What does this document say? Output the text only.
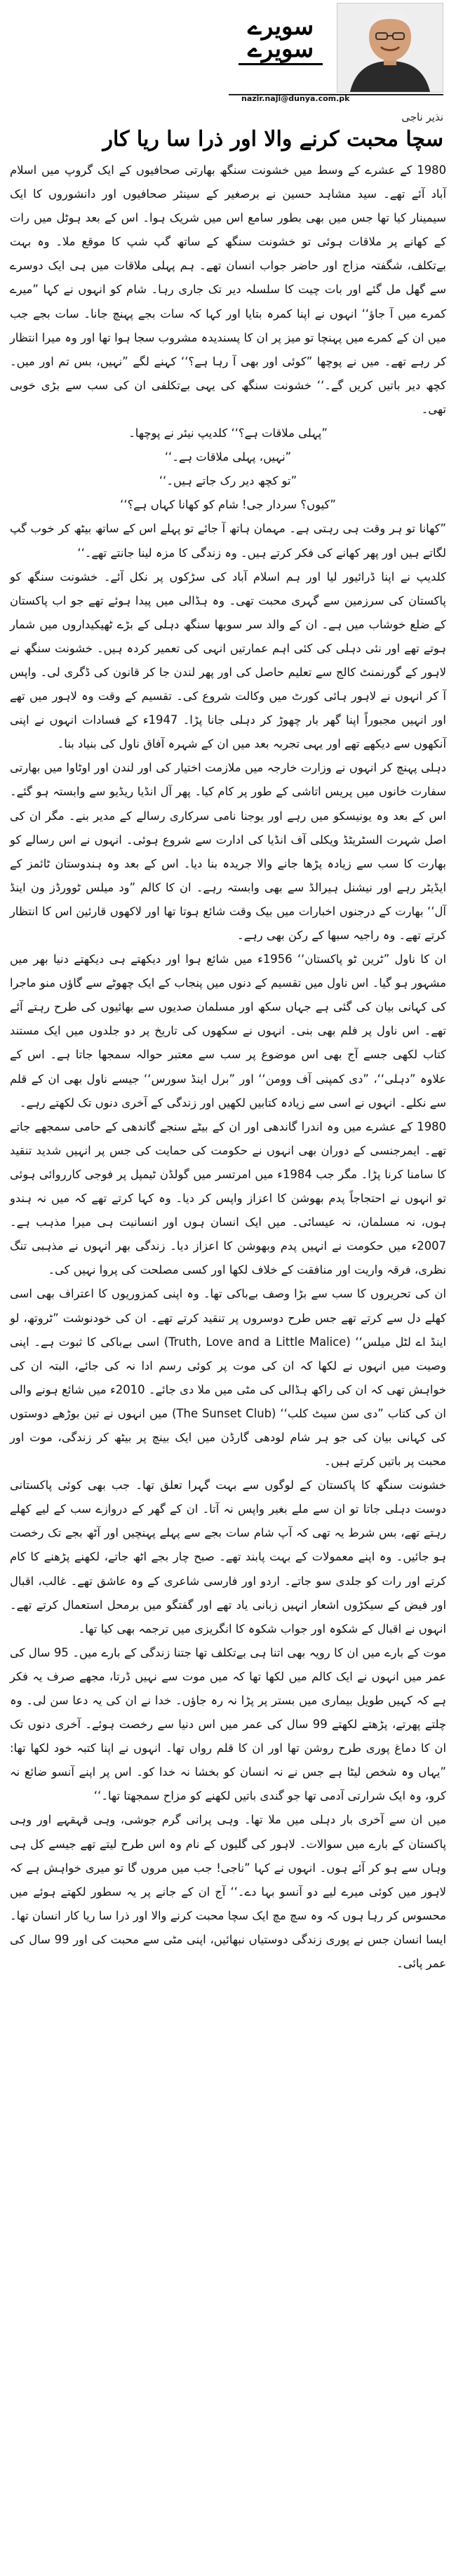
سویرے
سویرے
nazir.naji@dunya.com.pk
نذیر ناجی
سچا محبت کرنے والا اور ذرا سا ریا کار

1980 کے عشرے کے وسط میں خشونت سنگھ بھارتی صحافیوں کے ایک گروپ میں اسلام آباد آئے تھے۔ سید مشاہد حسین نے برصغیر کے سینئر صحافیوں اور دانشوروں کا ایک سیمینار کیا تھا جس میں بھی بطور سامع اس میں شریک ہوا۔ اس کے بعد ہوٹل میں رات کے کھانے پر ملاقات ہوئی تو خشونت سنگھ کے ساتھ گپ شپ کا موقع ملا۔ وہ بہت بےتکلف، شگفتہ مزاج اور حاضر جواب انسان تھے۔ ہم پہلی ملاقات میں ہی ایک دوسرے سے گھل مل گئے اور بات چیت کا سلسلہ دیر تک جاری رہا۔ شام کو انہوں نے کہا ”میرے کمرے میں آ جاؤ‘‘ انہوں نے اپنا کمرہ بتایا اور کہا کہ سات بجے پہنچ جانا۔ سات بجے جب میں ان کے کمرے میں پہنچا تو میز پر ان کا پسندیدہ مشروب سجا ہوا تھا اور وہ میرا انتظار کر رہے تھے۔ میں نے پوچھا ”کوئی اور بھی آ رہا ہے؟‘‘ کہنے لگے ”نہیں، بس تم اور میں۔ کچھ دیر باتیں کریں گے۔‘‘ خشونت سنگھ کی یہی بےتکلفی ان کی سب سے بڑی خوبی تھی۔

”پہلی ملاقات ہے؟‘‘ کلدیپ نیئر نے پوچھا۔

”نہیں، پہلی ملاقات ہے۔‘‘

”تو کچھ دیر رک جاتے ہیں۔‘‘

”کیوں؟ سردار جی! شام کو کھانا کہاں ہے؟‘‘

”کھانا تو ہر وقت ہی رہتی ہے۔ مہمان ہاتھ آ جائے تو پہلے اس کے ساتھ بیٹھ کر خوب گپ لگاتے ہیں اور پھر کھانے کی فکر کرتے ہیں۔ وہ زندگی کا مزہ لینا جانتے تھے۔‘‘

کلدیپ نے اپنا ڈرائیور لیا اور ہم اسلام آباد کی سڑکوں پر نکل آئے۔ خشونت سنگھ کو پاکستان کی سرزمین سے گہری محبت تھی۔ وہ ہڈالی میں پیدا ہوئے تھے جو اب پاکستان کے ضلع خوشاب میں ہے۔ ان کے والد سر سوبھا سنگھ دہلی کے بڑے ٹھیکیداروں میں شمار ہوتے تھے اور نئی دہلی کی کئی اہم عمارتیں انہی کی تعمیر کردہ ہیں۔ خشونت سنگھ نے لاہور کے گورنمنٹ کالج سے تعلیم حاصل کی اور پھر لندن جا کر قانون کی ڈگری لی۔ واپس آ کر انہوں نے لاہور ہائی کورٹ میں وکالت شروع کی۔ تقسیم کے وقت وہ لاہور میں تھے اور انہیں مجبوراً اپنا گھر بار چھوڑ کر دہلی جانا پڑا۔ 1947ء کے فسادات انہوں نے اپنی آنکھوں سے دیکھے تھے اور یہی تجربہ بعد میں ان کے شہرہ آفاق ناول کی بنیاد بنا۔

دہلی پہنچ کر انہوں نے وزارت خارجہ میں ملازمت اختیار کی اور لندن اور اوٹاوا میں بھارتی سفارت خانوں میں پریس اتاشی کے طور پر کام کیا۔ پھر آل انڈیا ریڈیو سے وابستہ ہو گئے۔ اس کے بعد وہ یونیسکو میں رہے اور یوجنا نامی سرکاری رسالے کے مدیر بنے۔ مگر ان کی اصل شہرت السٹریٹڈ ویکلی آف انڈیا کی ادارت سے شروع ہوئی۔ انہوں نے اس رسالے کو بھارت کا سب سے زیادہ پڑھا جانے والا جریدہ بنا دیا۔ اس کے بعد وہ ہندوستان ٹائمز کے ایڈیٹر رہے اور نیشنل ہیرالڈ سے بھی وابستہ رہے۔ ان کا کالم ”ود میلس ٹوورڈز ون اینڈ آل‘‘ بھارت کے درجنوں اخبارات میں بیک وقت شائع ہوتا تھا اور لاکھوں قارئین اس کا انتظار کرتے تھے۔ وہ راجیہ سبھا کے رکن بھی رہے۔

ان کا ناول ”ٹرین ٹو پاکستان‘‘ 1956ء میں شائع ہوا اور دیکھتے ہی دیکھتے دنیا بھر میں مشہور ہو گیا۔ اس ناول میں تقسیم کے دنوں میں پنجاب کے ایک چھوٹے سے گاؤں منو ماجرا کی کہانی بیان کی گئی ہے جہاں سکھ اور مسلمان صدیوں سے بھائیوں کی طرح رہتے آئے تھے۔ اس ناول پر فلم بھی بنی۔ انہوں نے سکھوں کی تاریخ پر دو جلدوں میں ایک مستند کتاب لکھی جسے آج بھی اس موضوع پر سب سے معتبر حوالہ سمجھا جاتا ہے۔ اس کے علاوہ ”دہلی‘‘، ”دی کمپنی آف وومن‘‘ اور ”برل اینڈ سورس‘‘ جیسے ناول بھی ان کے قلم سے نکلے۔ انہوں نے اسی سے زیادہ کتابیں لکھیں اور زندگی کے آخری دنوں تک لکھتے رہے۔

1980 کے عشرے میں وہ اندرا گاندھی اور ان کے بیٹے سنجے گاندھی کے حامی سمجھے جاتے تھے۔ ایمرجنسی کے دوران بھی انہوں نے حکومت کی حمایت کی جس پر انہیں شدید تنقید کا سامنا کرنا پڑا۔ مگر جب 1984ء میں امرتسر میں گولڈن ٹیمپل پر فوجی کارروائی ہوئی تو انہوں نے احتجاجاً پدم بھوشن کا اعزاز واپس کر دیا۔ وہ کہا کرتے تھے کہ میں نہ ہندو ہوں، نہ مسلمان، نہ عیسائی۔ میں ایک انسان ہوں اور انسانیت ہی میرا مذہب ہے۔ 2007ء میں حکومت نے انہیں پدم وبھوشن کا اعزاز دیا۔ زندگی بھر انہوں نے مذہبی تنگ نظری، فرقہ واریت اور منافقت کے خلاف لکھا اور کسی مصلحت کی پروا نہیں کی۔

ان کی تحریروں کا سب سے بڑا وصف بےباکی تھا۔ وہ اپنی کمزوریوں کا اعتراف بھی اسی کھلے دل سے کرتے تھے جس طرح دوسروں پر تنقید کرتے تھے۔ ان کی خودنوشت ”ٹروتھ، لو اینڈ اے لٹل میلس‘‘ (Truth, Love and a Little Malice) اسی بےباکی کا ثبوت ہے۔ اپنی وصیت میں انہوں نے لکھا کہ ان کی موت پر کوئی رسم ادا نہ کی جائے، البتہ ان کی خواہش تھی کہ ان کی راکھ ہڈالی کی مٹی میں ملا دی جائے۔ 2010ء میں شائع ہونے والی ان کی کتاب ”دی سن سیٹ کلب‘‘ (The Sunset Club) میں انہوں نے تین بوڑھے دوستوں کی کہانی بیان کی جو ہر شام لودھی گارڈن میں ایک بینچ پر بیٹھ کر زندگی، موت اور محبت پر باتیں کرتے ہیں۔

خشونت سنگھ کا پاکستان کے لوگوں سے بہت گہرا تعلق تھا۔ جب بھی کوئی پاکستانی دوست دہلی جاتا تو ان سے ملے بغیر واپس نہ آتا۔ ان کے گھر کے دروازے سب کے لیے کھلے رہتے تھے، بس شرط یہ تھی کہ آپ شام سات بجے سے پہلے پہنچیں اور آٹھ بجے تک رخصت ہو جائیں۔ وہ اپنے معمولات کے بہت پابند تھے۔ صبح چار بجے اٹھ جاتے، لکھنے پڑھنے کا کام کرتے اور رات کو جلدی سو جاتے۔ اردو اور فارسی شاعری کے وہ عاشق تھے۔ غالب، اقبال اور فیض کے سیکڑوں اشعار انہیں زبانی یاد تھے اور گفتگو میں برمحل استعمال کرتے تھے۔ انہوں نے اقبال کے شکوہ اور جواب شکوہ کا انگریزی میں ترجمہ بھی کیا تھا۔

موت کے بارے میں ان کا رویہ بھی اتنا ہی بےتکلف تھا جتنا زندگی کے بارے میں۔ 95 سال کی عمر میں انہوں نے ایک کالم میں لکھا تھا کہ میں موت سے نہیں ڈرتا، مجھے صرف یہ فکر ہے کہ کہیں طویل بیماری میں بستر پر پڑا نہ رہ جاؤں۔ خدا نے ان کی یہ دعا سن لی۔ وہ چلتے پھرتے، پڑھتے لکھتے 99 سال کی عمر میں اس دنیا سے رخصت ہوئے۔ آخری دنوں تک ان کا دماغ پوری طرح روشن تھا اور ان کا قلم رواں تھا۔ انہوں نے اپنا کتبہ خود لکھا تھا: ”یہاں وہ شخص لیٹا ہے جس نے نہ انسان کو بخشا نہ خدا کو۔ اس پر اپنے آنسو ضائع نہ کرو، وہ ایک شرارتی آدمی تھا جو گندی باتیں لکھنے کو مزاح سمجھتا تھا۔‘‘

میں ان سے آخری بار دہلی میں ملا تھا۔ وہی پرانی گرم جوشی، وہی قہقہے اور وہی پاکستان کے بارے میں سوالات۔ لاہور کی گلیوں کے نام وہ اس طرح لیتے تھے جیسے کل ہی وہاں سے ہو کر آئے ہوں۔ انہوں نے کہا ”ناجی! جب میں مروں گا تو میری خواہش ہے کہ لاہور میں کوئی میرے لیے دو آنسو بہا دے۔‘‘ آج ان کے جانے پر یہ سطور لکھتے ہوئے میں محسوس کر رہا ہوں کہ وہ سچ مچ ایک سچا محبت کرنے والا اور ذرا سا ریا کار انسان تھا۔ ایسا انسان جس نے پوری زندگی دوستیاں نبھائیں، اپنی مٹی سے محبت کی اور 99 سال کی عمر پائی۔
